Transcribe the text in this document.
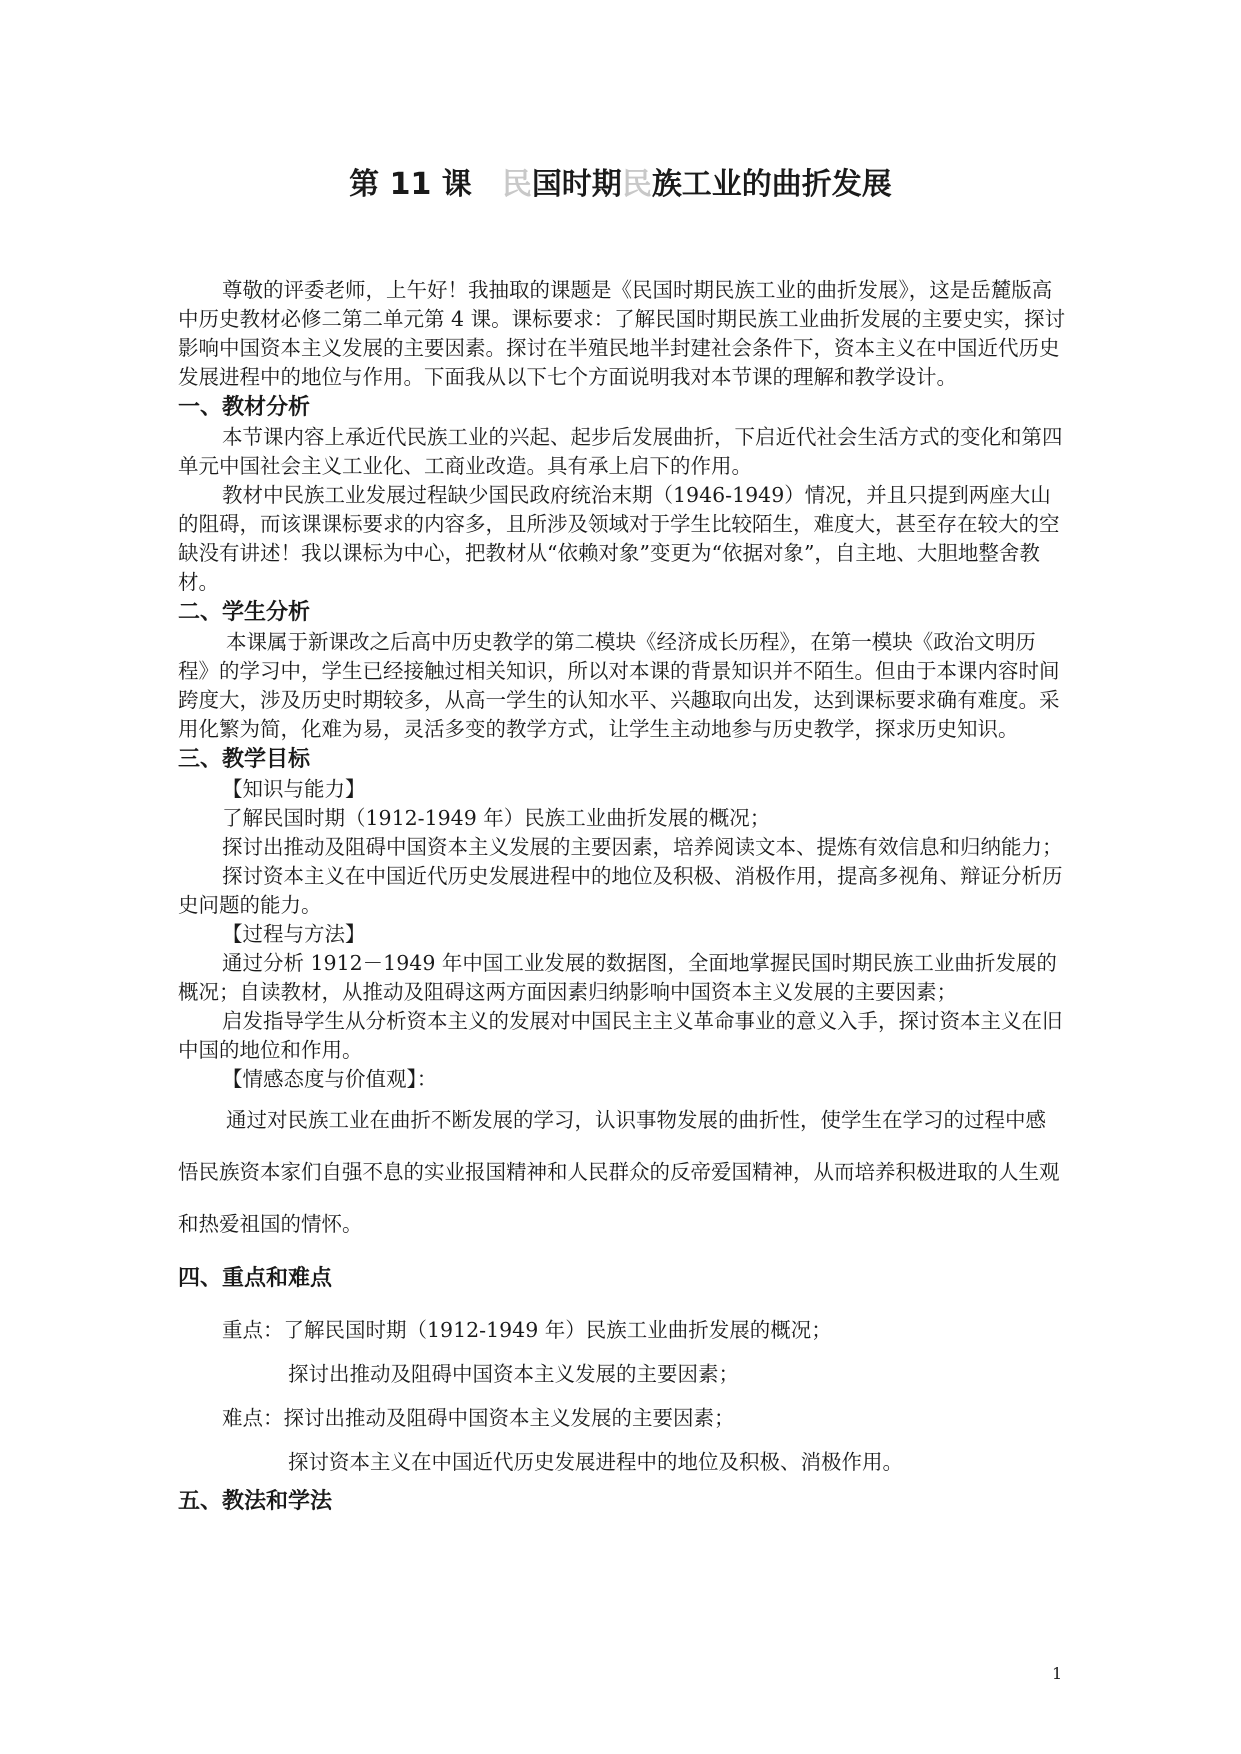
第 11 课 民国时期民族工业的曲折发展

尊敬的评委老师，上午好！我抽取的课题是《民国时期民族工业的曲折发展》，这是岳麓版高中历史教材必修二第二单元第 4 课。课标要求：了解民国时期民族工业曲折发展的主要史实，探讨影响中国资本主义发展的主要因素。探讨在半殖民地半封建社会条件下，资本主义在中国近代历史发展进程中的地位与作用。下面我从以下七个方面说明我对本节课的理解和教学设计。

一、教材分析

本节课内容上承近代民族工业的兴起、起步后发展曲折，下启近代社会生活方式的变化和第四单元中国社会主义工业化、工商业改造。具有承上启下的作用。

教材中民族工业发展过程缺少国民政府统治末期（1946-1949）情况，并且只提到两座大山的阻碍，而该课课标要求的内容多，且所涉及领域对于学生比较陌生，难度大，甚至存在较大的空缺没有讲述！我以课标为中心，把教材从“依赖对象”变更为“依据对象”，自主地、大胆地整舍教材。

二、学生分析

本课属于新课改之后高中历史教学的第二模块《经济成长历程》，在第一模块《政治文明历程》的学习中，学生已经接触过相关知识，所以对本课的背景知识并不陌生。但由于本课内容时间跨度大，涉及历史时期较多，从高一学生的认知水平、兴趣取向出发，达到课标要求确有难度。采用化繁为简，化难为易，灵活多变的教学方式，让学生主动地参与历史教学，探求历史知识。

三、教学目标

【知识与能力】

了解民国时期（1912-1949 年）民族工业曲折发展的概况；

探讨出推动及阻碍中国资本主义发展的主要因素，培养阅读文本、提炼有效信息和归纳能力；

探讨资本主义在中国近代历史发展进程中的地位及积极、消极作用，提高多视角、辩证分析历史问题的能力。

【过程与方法】

通过分析 1912－1949 年中国工业发展的数据图，全面地掌握民国时期民族工业曲折发展的概况；自读教材，从推动及阻碍这两方面因素归纳影响中国资本主义发展的主要因素；

启发指导学生从分析资本主义的发展对中国民主主义革命事业的意义入手，探讨资本主义在旧中国的地位和作用。

【情感态度与价值观】：

通过对民族工业在曲折不断发展的学习，认识事物发展的曲折性，使学生在学习的过程中感悟民族资本家们自强不息的实业报国精神和人民群众的反帝爱国精神，从而培养积极进取的人生观和热爱祖国的情怀。

四、重点和难点

重点：了解民国时期（1912-1949 年）民族工业曲折发展的概况；

探讨出推动及阻碍中国资本主义发展的主要因素；

难点：探讨出推动及阻碍中国资本主义发展的主要因素；

探讨资本主义在中国近代历史发展进程中的地位及积极、消极作用。

五、教法和学法

1
